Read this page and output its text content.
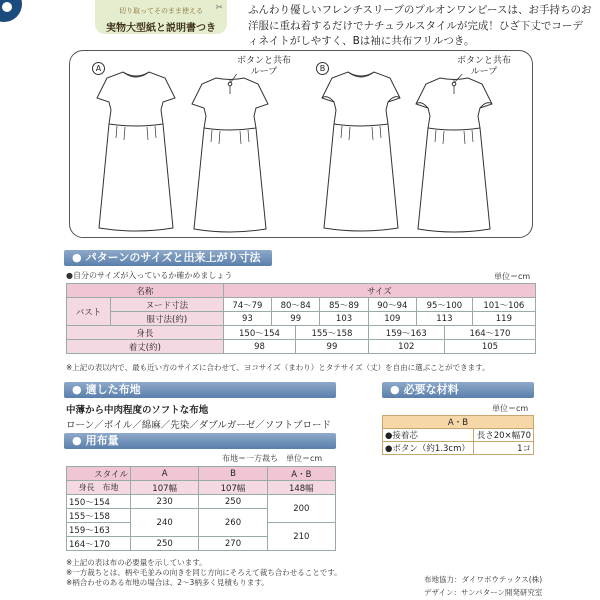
切り取ってそのまま使える
実物大型紙と説明書つき
✂ ふんわり優しいフレンチスリーブのプルオンワンピースは、お手持ちのお洋服に重ね着するだけでナチュラルスタイルが完成！ひざ下丈でコーディネイトがしやすく、Bは袖に共布フリルつき。
A	B
ボタンと共布
ループ
ボタンと共布
ループ
● パターンのサイズと出来上がり寸法
●自分のサイズが入っているか確かめましょう	単位＝cm
名称		サイズ							
バスト	ヌード寸法	74〜79	80〜84		85〜89	90〜94	95〜100		101〜106
	服寸法(約)	93	99		103	109	113		119
身長		150〜154		155〜158		159〜163		164〜170	
着丈(約)		98		99		102		105	
※上記の表以内で、最も近い方のサイズに合わせて、ヨコサイズ（まわり）とタテサイズ（丈）を自由に選ぶことができます。
● 適した布地
中薄から中肉程度のソフトな布地
ローン／ボイル／綿麻／先染／ダブルガーゼ／ソフトブロード
● 必要な材料
単位＝cm
A・B	
●接着芯	長さ20×幅70
●ボタン（約1.3cm）	1コ
● 用布量
布地＝一方裁ち　単位＝cm
スタイル	A	B	A・B
身長　 布地	107幅	107幅	148幅
150〜154	230	250	200
155〜158	240	260	
159〜163			210
164〜170	250	270	
※上記の表は布の必要量を示しています。
※一方裁ちとは、柄や毛並みの向きを同じ方向にそろえて裁ち合わせることです。
※柄合わせのある布地の場合は、2〜3柄多く見積もります。	布地協力：ダイワボウテックス(株)
デザイン：サンパターン開発研究室
